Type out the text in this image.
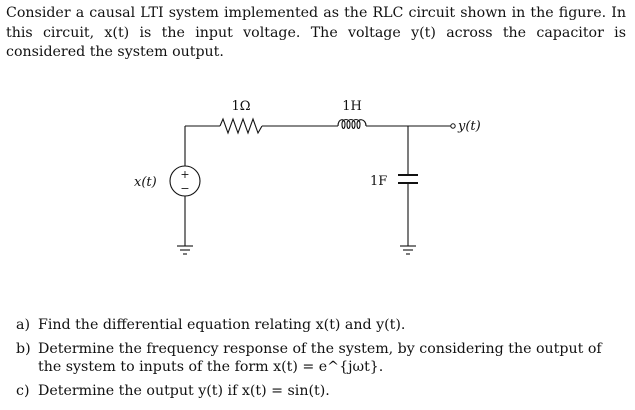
Consider a causal LTI system implemented as the RLC circuit shown in the figure. In this circuit, x(t) is the input voltage. The voltage y(t) across the capacitor is considered the system output.
1Ω	1H
1F
x(t)
y(t)
+
−
a) Find the differential equation relating x(t) and y(t).
b) Determine the frequency response of the system, by considering the output of the system to inputs of the form x(t) = e^{jωt}.
c) Determine the output y(t) if x(t) = sin(t).
